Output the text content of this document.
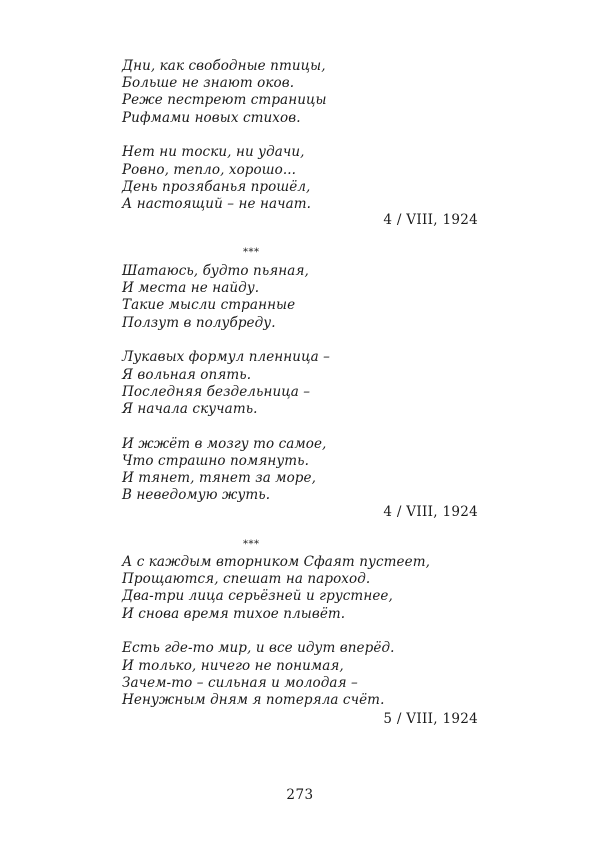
Дни, как свободные птицы,
Больше не знают оков.
Реже пестреют страницы
Рифмами новых стихов.
Нет ни тоски, ни удачи,
Ровно, тепло, хорошо...
День прозябанья прошёл,
А настоящий – не начат.
4 / VIII, 1924
***
Шатаюсь, будто пьяная,
И места не найду.
Такие мысли странные
Ползут в полубреду.
Лукавых формул пленница –
Я вольная опять.
Последняя бездельница –
Я начала скучать.
И жжёт в мозгу то самое,
Что страшно помянуть.
И тянет, тянет за море,
В неведомую жуть.
4 / VIII, 1924
***
А с каждым вторником Сфаят пустеет,
Прощаются, спешат на пароход.
Два-три лица серьёзней и грустнее,
И снова время тихое плывёт.
Есть где-то мир, и все идут вперёд.
И только, ничего не понимая,
Зачем-то – сильная и молодая –
Ненужным дням я потеряла счёт.
5 / VIII, 1924
273
